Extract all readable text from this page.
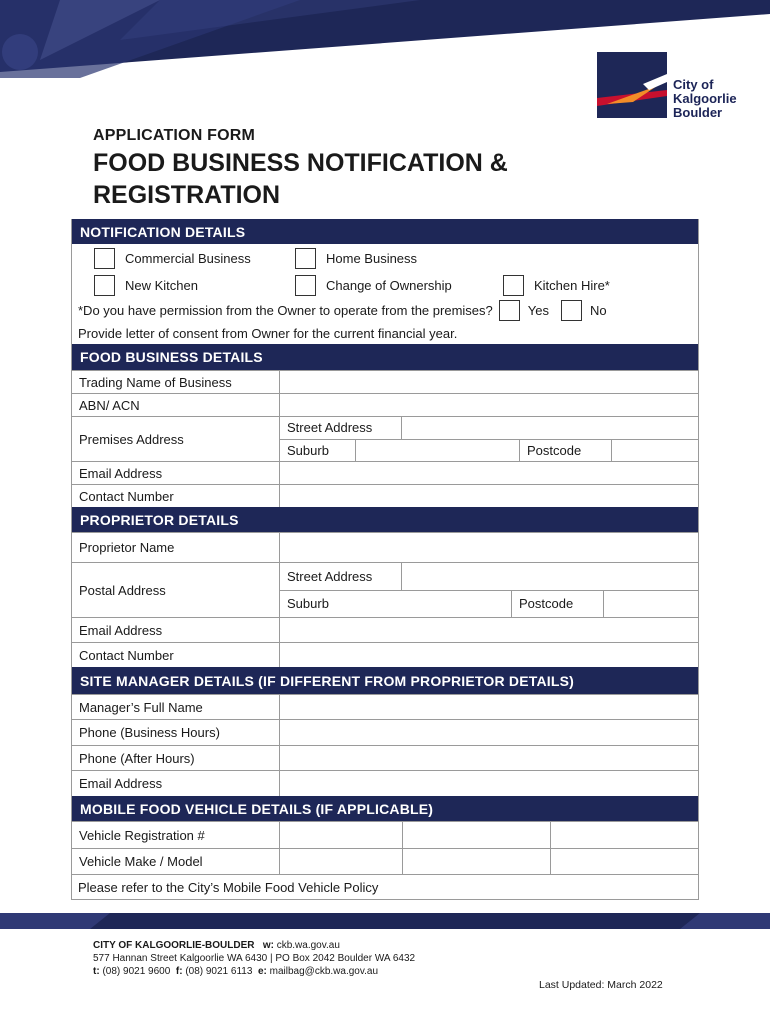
City of
Kalgoorlie
Boulder
APPLICATION FORM
FOOD BUSINESS NOTIFICATION & REGISTRATION
NOTIFICATION DETAILS
Commercial Business	Home Business
New Kitchen	Change of Ownership	Kitchen Hire*
*Do you have permission from the Owner to operate from the premises?	Yes	No
Provide letter of consent from Owner for the current financial year.
FOOD BUSINESS DETAILS
Trading Name of Business
ABN/ ACN
Premises Address
Street Address
Suburb	Postcode
Email Address
Contact Number
PROPRIETOR DETAILS
Proprietor Name
Postal Address
Street Address
Suburb	Postcode
Email Address
Contact Number
SITE MANAGER DETAILS (IF DIFFERENT FROM PROPRIETOR DETAILS)
Manager’s Full Name
Phone (Business Hours)
Phone (After Hours)
Email Address
MOBILE FOOD VEHICLE DETAILS (IF APPLICABLE)
Vehicle Registration #
Vehicle Make / Model
Please refer to the City’s Mobile Food Vehicle Policy
CITY OF KALGOORLIE-BOULDER w: ckb.wa.gov.au
577 Hannan Street Kalgoorlie WA 6430 | PO Box 2042 Boulder WA 6432
t: (08) 9021 9600 f: (08) 9021 6113 e: mailbag@ckb.wa.gov.au
Last Updated: March 2022
